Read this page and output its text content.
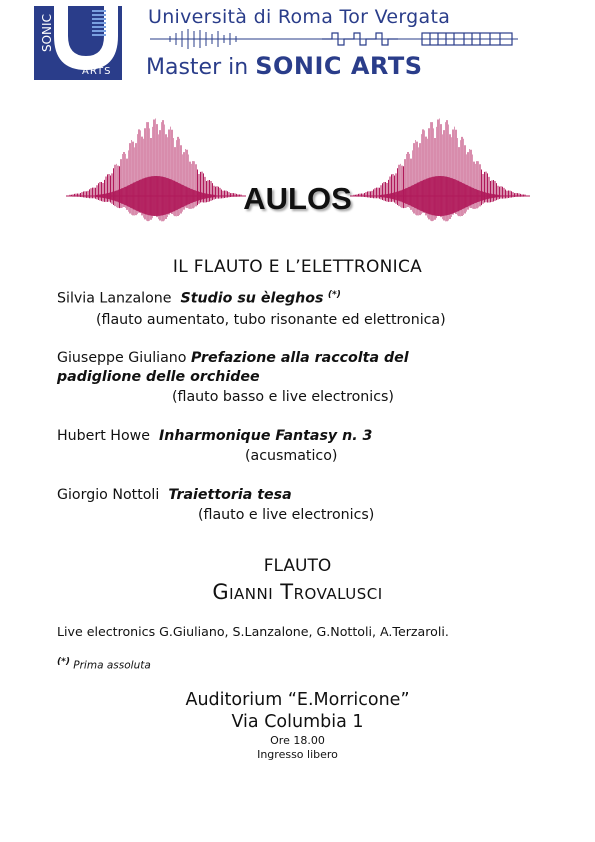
SONIC
ARTS
Università di Roma Tor Vergata
Master in SONIC ARTS
AULOS
IL FLAUTO E L’ELETTRONICA
Silvia Lanzalone Studio su èleghos (*)
(flauto aumentato, tubo risonante ed elettronica)
Giuseppe Giuliano Prefazione alla raccolta del
padiglione delle orchidee
(flauto basso e live electronics)
Hubert Howe Inharmonique Fantasy n. 3
(acusmatico)
Giorgio Nottoli Traiettoria tesa
(flauto e live electronics)
FLAUTO
Gianni Trovalusci
Live electronics G.Giuliano, S.Lanzalone, G.Nottoli, A.Terzaroli.
(*) Prima assoluta
Auditorium “E.Morricone”
Via Columbia 1
Ore 18.00
Ingresso libero
